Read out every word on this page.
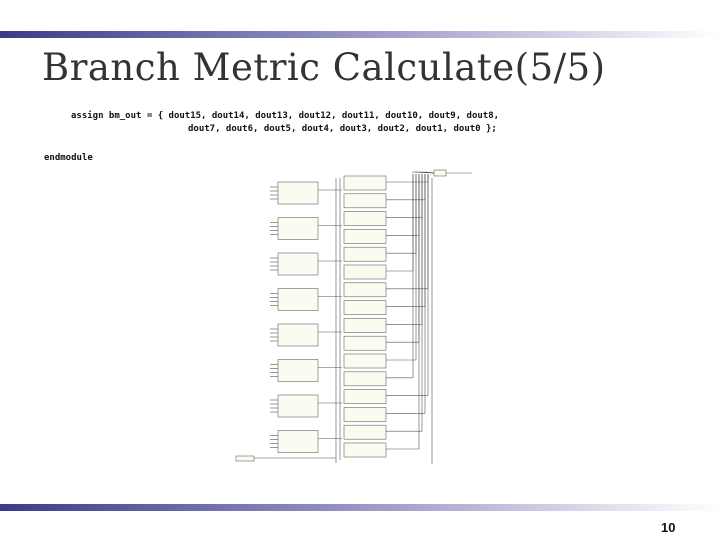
Branch Metric Calculate(5/5)
assign bm_out = { dout15, dout14, dout13, dout12, dout11, dout10, dout9, dout8,
dout7, dout6, dout5, dout4, dout3, dout2, dout1, dout0 };
endmodule
10
